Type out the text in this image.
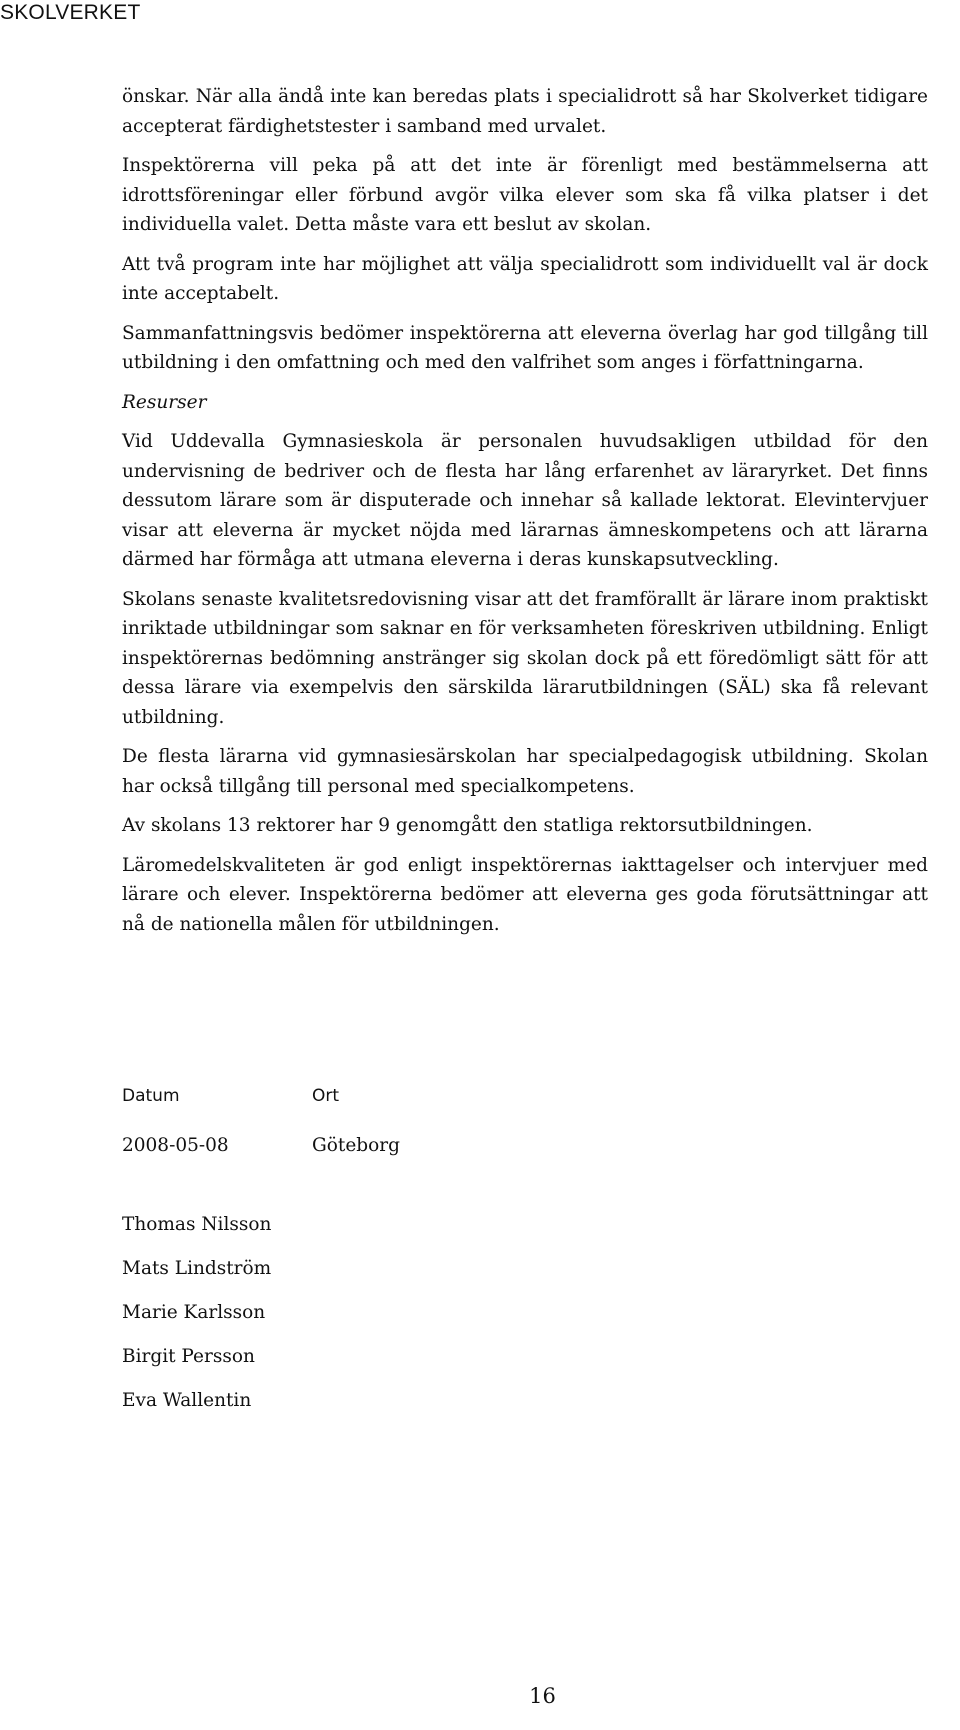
SKOLVERKET

önskar. När alla ändå inte kan beredas plats i specialidrott så har Skolverket tidigare accepterat färdighetstester i samband med urvalet.

Inspektörerna vill peka på att det inte är förenligt med bestämmelserna att idrottsföreningar eller förbund avgör vilka elever som ska få vilka platser i det individuella valet. Detta måste vara ett beslut av skolan.

Att två program inte har möjlighet att välja specialidrott som individuellt val är dock inte acceptabelt.

Sammanfattningsvis bedömer inspektörerna att eleverna överlag har god tillgång till utbildning i den omfattning och med den valfrihet som anges i författningarna.

Resurser

Vid Uddevalla Gymnasieskola är personalen huvudsakligen utbildad för den undervisning de bedriver och de flesta har lång erfarenhet av läraryrket. Det finns dessutom lärare som är disputerade och innehar så kallade lektorat. Elevintervjuer visar att eleverna är mycket nöjda med lärarnas ämneskompetens och att lärarna därmed har förmåga att utmana eleverna i deras kunskapsutveckling.

Skolans senaste kvalitetsredovisning visar att det framförallt är lärare inom praktiskt inriktade utbildningar som saknar en för verksamheten föreskriven utbildning. Enligt inspektörernas bedömning anstränger sig skolan dock på ett föredömligt sätt för att dessa lärare via exempelvis den särskilda lärarutbildningen (SÄL) ska få relevant utbildning.

De flesta lärarna vid gymnasiesärskolan har specialpedagogisk utbildning. Skolan har också tillgång till personal med specialkompetens.

Av skolans 13 rektorer har 9 genomgått den statliga rektorsutbildningen.

Läromedelskvaliteten är god enligt inspektörernas iakttagelser och intervjuer med lärare och elever. Inspektörerna bedömer att eleverna ges goda förutsättningar att nå de nationella målen för utbildningen.

Datum	Ort
2008-05-08	Göteborg
Thomas Nilsson
Mats Lindström
Marie Karlsson
Birgit Persson
Eva Wallentin
16
